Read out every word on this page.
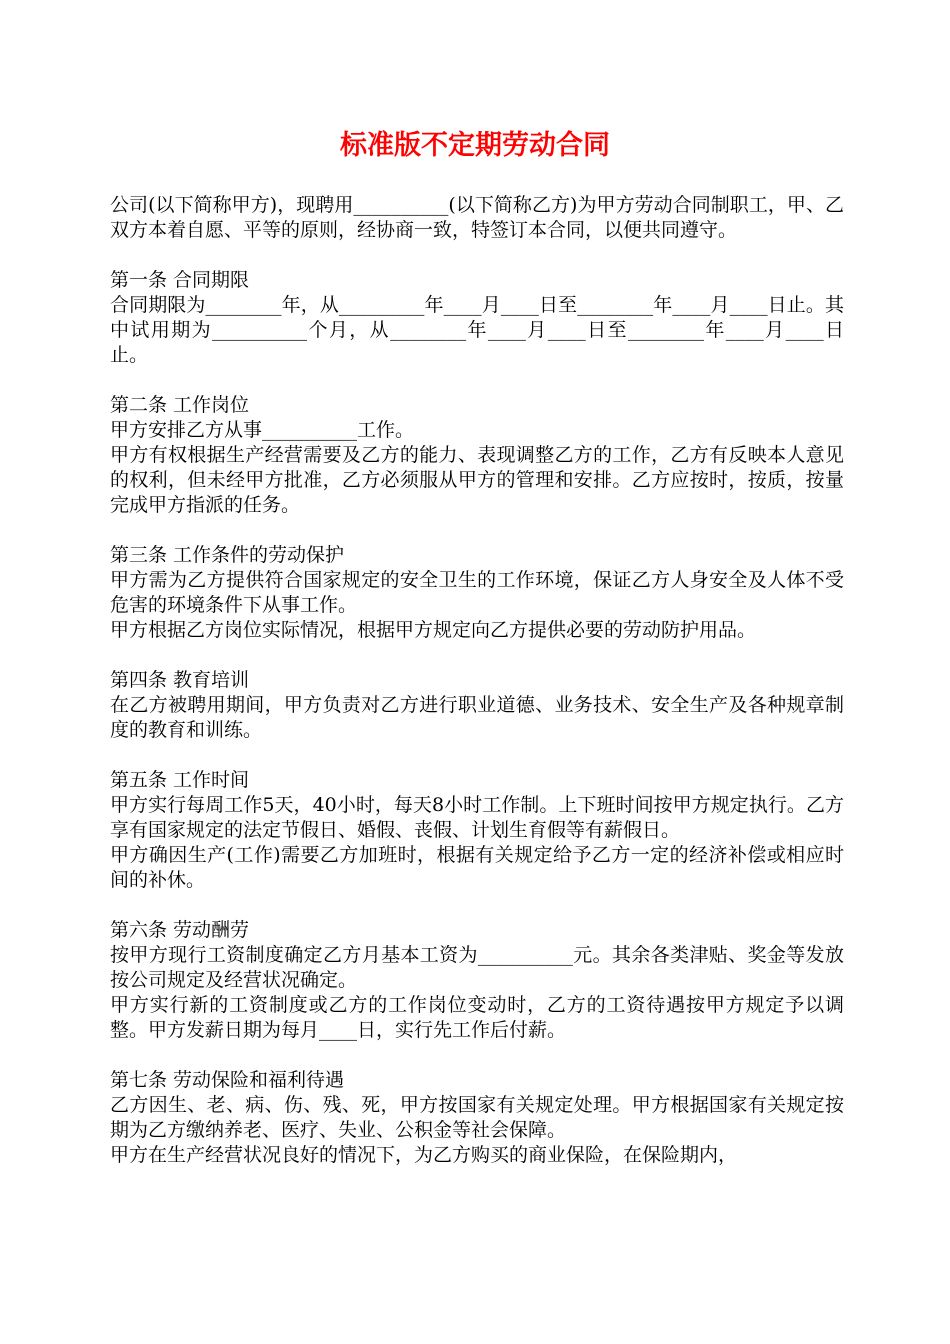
标准版不定期劳动合同

公司(以下简称甲方)，现聘用__________(以下简称乙方)为甲方劳动合同制职工，甲、乙双方本着自愿、平等的原则，经协商一致，特签订本合同，以便共同遵守。

第一条 合同期限

合同期限为________年，从_________年____月____日至________年____月____日止。其中试用期为__________个月，从________年____月____日至________年____月____日止。

第二条 工作岗位

甲方安排乙方从事__________工作。

甲方有权根据生产经营需要及乙方的能力、表现调整乙方的工作，乙方有反映本人意见的权利，但未经甲方批准，乙方必须服从甲方的管理和安排。乙方应按时，按质，按量完成甲方指派的任务。

第三条 工作条件的劳动保护

甲方需为乙方提供符合国家规定的安全卫生的工作环境，保证乙方人身安全及人体不受危害的环境条件下从事工作。

甲方根据乙方岗位实际情况，根据甲方规定向乙方提供必要的劳动防护用品。

第四条 教育培训

在乙方被聘用期间，甲方负责对乙方进行职业道德、业务技术、安全生产及各种规章制度的教育和训练。

第五条 工作时间

甲方实行每周工作5天，40小时，每天8小时工作制。上下班时间按甲方规定执行。乙方享有国家规定的法定节假日、婚假、丧假、计划生育假等有薪假日。

甲方确因生产(工作)需要乙方加班时，根据有关规定给予乙方一定的经济补偿或相应时间的补休。

第六条 劳动酬劳

按甲方现行工资制度确定乙方月基本工资为__________元。其余各类津贴、奖金等发放按公司规定及经营状况确定。

甲方实行新的工资制度或乙方的工作岗位变动时，乙方的工资待遇按甲方规定予以调整。甲方发薪日期为每月____日，实行先工作后付薪。

第七条 劳动保险和福利待遇

乙方因生、老、病、伤、残、死，甲方按国家有关规定处理。甲方根据国家有关规定按期为乙方缴纳养老、医疗、失业、公积金等社会保障。

甲方在生产经营状况良好的情况下，为乙方购买的商业保险，在保险期内，
